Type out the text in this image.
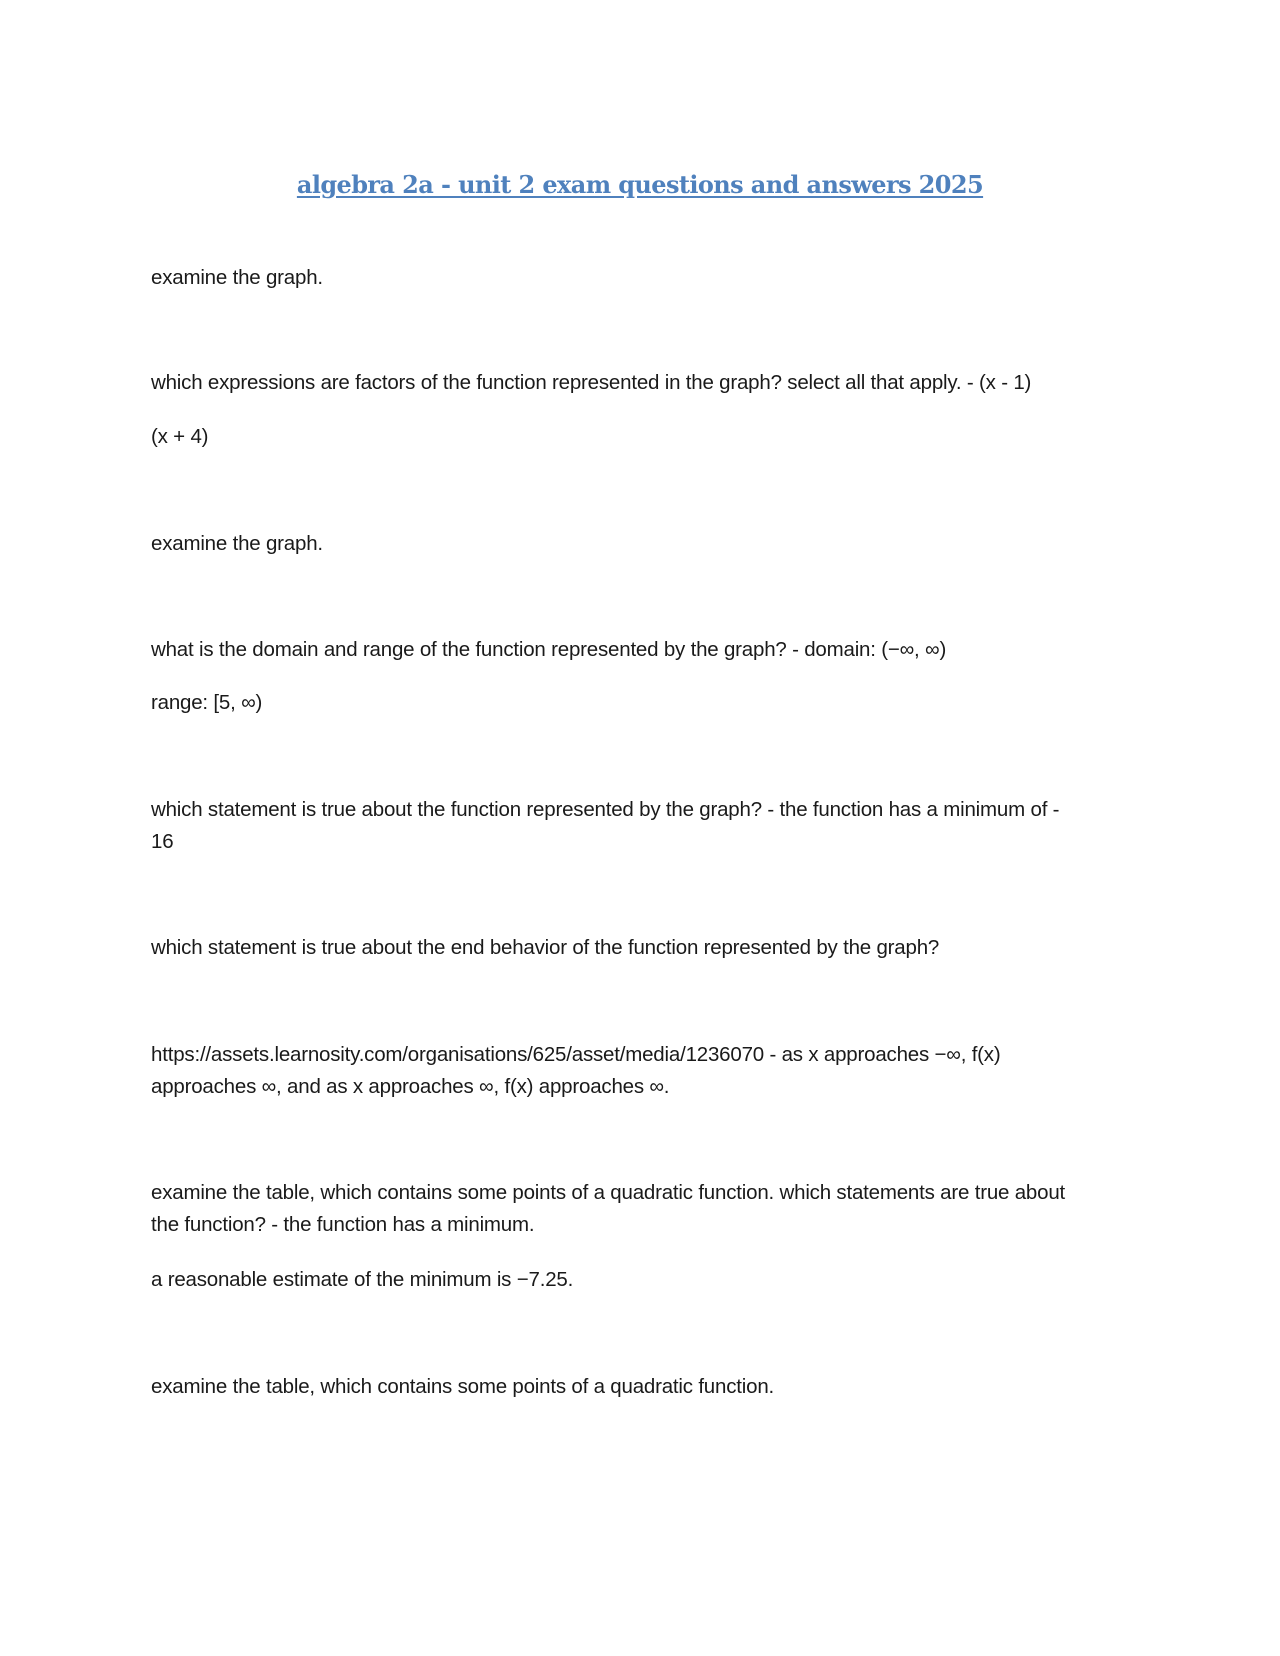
algebra 2a - unit 2 exam questions and answers 2025
examine the graph.
which expressions are factors of the function represented in the graph? select all that apply. - (x - 1)
(x + 4)
examine the graph.
what is the domain and range of the function represented by the graph? - domain: (−∞, ∞)
range: [5, ∞)
which statement is true about the function represented by the graph? - the function has a minimum of -
16
which statement is true about the end behavior of the function represented by the graph?
https://assets.learnosity.com/organisations/625/asset/media/1236070 - as x approaches −∞, f(x)
approaches ∞, and as x approaches ∞, f(x) approaches ∞.
examine the table, which contains some points of a quadratic function. which statements are true about
the function? - the function has a minimum.
a reasonable estimate of the minimum is −7.25.
examine the table, which contains some points of a quadratic function.
